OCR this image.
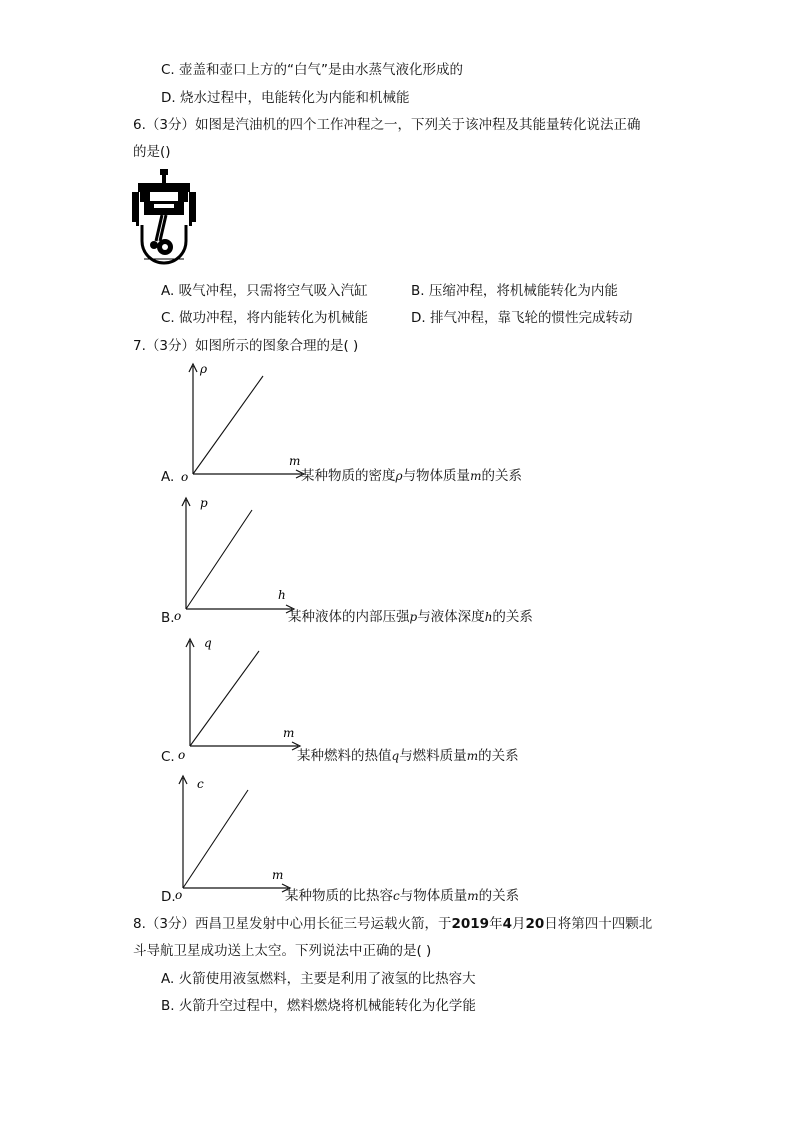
C. 壶盖和壶口上方的“白气”是由水蒸气液化形成的
D. 烧水过程中，电能转化为内能和机械能
6.（3分）如图是汽油机的四个工作冲程之一，下列关于该冲程及其能量转化说法正确
的是()
A. 吸气冲程，只需将空气吸入汽缸	B. 压缩冲程，将机械能转化为内能
C. 做功冲程，将内能转化为机械能	D. 排气冲程，靠飞轮的惯性完成转动
7.（3分）如图所示的图象合理的是( )
ρ
m
o
p
h
o
q
m
o
c
m
o
A.	某种物质的密度ρ与物体质量m的关系
B.	某种液体的内部压强p与液体深度h的关系
C.	某种燃料的热值q与燃料质量m的关系
D.	某种物质的比热容c与物体质量m的关系
8.（3分）西昌卫星发射中心用长征三号运载火箭，于2019年4月20日将第四十四颗北
斗导航卫星成功送上太空。下列说法中正确的是( )
A. 火箭使用液氢燃料，主要是利用了液氢的比热容大
B. 火箭升空过程中，燃料燃烧将机械能转化为化学能
